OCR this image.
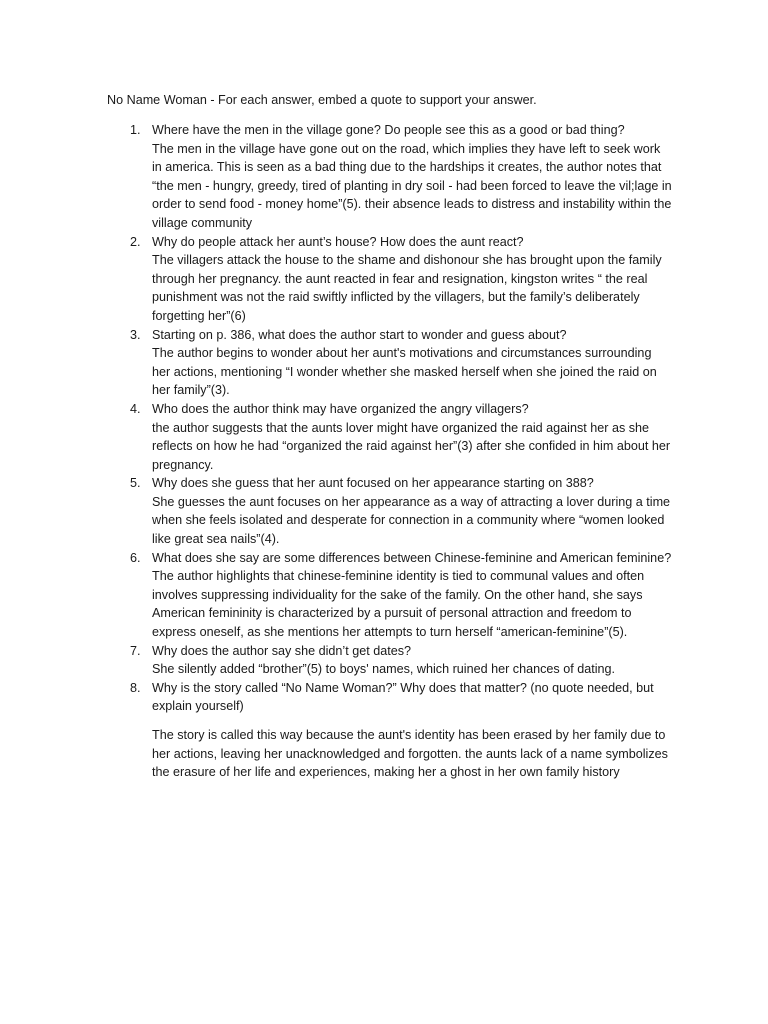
No Name Woman - For each answer, embed a quote to support your answer.

1. Where have the men in the village gone? Do people see this as a good or bad thing?
The men in the village have gone out on the road, which implies they have left to seek work in america. This is seen as a bad thing due to the hardships it creates, the author notes that “the men - hungry, greedy, tired of planting in dry soil - had been forced to leave the vil;lage in order to send food - money home”(5). their absence leads to distress and instability within the village community
2. Why do people attack her aunt’s house? How does the aunt react?
The villagers attack the house to the shame and dishonour she has brought upon the family through her pregnancy. the aunt reacted in fear and resignation, kingston writes “ the real punishment was not the raid swiftly inflicted by the villagers, but the family’s deliberately forgetting her”(6)
3. Starting on p. 386, what does the author start to wonder and guess about?
The author begins to wonder about her aunt's motivations and circumstances surrounding her actions, mentioning “I wonder whether she masked herself when she joined the raid on her family”(3).
4. Who does the author think may have organized the angry villagers?
the author suggests that the aunts lover might have organized the raid against her as she reflects on how he had “organized the raid against her”(3) after she confided in him about her pregnancy.
5. Why does she guess that her aunt focused on her appearance starting on 388?
She guesses the aunt focuses on her appearance as a way of attracting a lover during a time when she feels isolated and desperate for connection in a community where “women looked like great sea nails”(4).
6. What does she say are some differences between Chinese-feminine and American feminine?
The author highlights that chinese-feminine identity is tied to communal values and often involves suppressing individuality for the sake of the family. On the other hand, she says American femininity is characterized by a pursuit of personal attraction and freedom to express oneself, as she mentions her attempts to turn herself “american-feminine”(5).
7. Why does the author say she didn’t get dates?
She silently added “brother”(5) to boys' names, which ruined her chances of dating.
8. Why is the story called “No Name Woman?” Why does that matter? (no quote needed, but explain yourself)
The story is called this way because the aunt's identity has been erased by her family due to her actions, leaving her unacknowledged and forgotten. the aunts lack of a name symbolizes the erasure of her life and experiences, making her a ghost in her own family history
